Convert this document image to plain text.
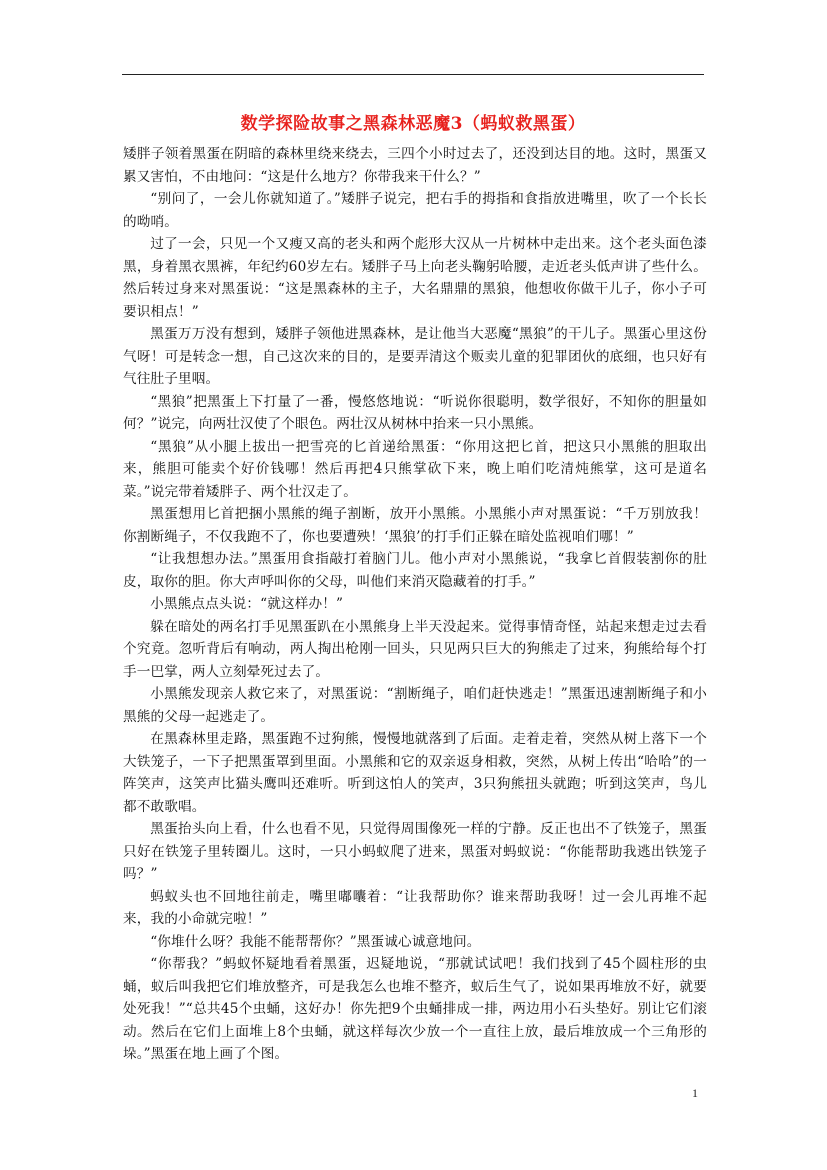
数学探险故事之黑森林恶魔3（蚂蚁救黑蛋）

矮胖子领着黑蛋在阴暗的森林里绕来绕去，三四个小时过去了，还没到达目的地。这时，黑蛋又累又害怕，不由地问：“这是什么地方？你带我来干什么？”

“别问了，一会儿你就知道了。”矮胖子说完，把右手的拇指和食指放进嘴里，吹了一个长长的呦哨。

过了一会，只见一个又瘦又高的老头和两个彪形大汉从一片树林中走出来。这个老头面色漆黑，身着黑衣黑裤，年纪约60岁左右。矮胖子马上向老头鞠躬哈腰，走近老头低声讲了些什么。然后转过身来对黑蛋说：“这是黑森林的主子，大名鼎鼎的黑狼，他想收你做干儿子，你小子可要识相点！”

黑蛋万万没有想到，矮胖子领他进黑森林，是让他当大恶魔“黑狼”的干儿子。黑蛋心里这份气呀！可是转念一想，自己这次来的目的，是要弄清这个贩卖儿童的犯罪团伙的底细，也只好有气往肚子里咽。

“黑狼”把黑蛋上下打量了一番，慢悠悠地说：“听说你很聪明，数学很好，不知你的胆量如何？”说完，向两壮汉使了个眼色。两壮汉从树林中抬来一只小黑熊。

“黑狼”从小腿上拔出一把雪亮的匕首递给黑蛋：“你用这把匕首，把这只小黑熊的胆取出来，熊胆可能卖个好价钱哪！然后再把4只熊掌砍下来，晚上咱们吃清炖熊掌，这可是道名菜。”说完带着矮胖子、两个壮汉走了。

黑蛋想用匕首把捆小黑熊的绳子割断，放开小黑熊。小黑熊小声对黑蛋说：“千万别放我！你割断绳子，不仅我跑不了，你也要遭殃！‘黑狼’的打手们正躲在暗处监视咱们哪！”

“让我想想办法。”黑蛋用食指敲打着脑门儿。他小声对小黑熊说，“我拿匕首假装割你的肚皮，取你的胆。你大声呼叫你的父母，叫他们来消灭隐藏着的打手。”

小黑熊点点头说：“就这样办！”

躲在暗处的两名打手见黑蛋趴在小黑熊身上半天没起来。觉得事情奇怪，站起来想走过去看个究竟。忽听背后有响动，两人掏出枪刚一回头，只见两只巨大的狗熊走了过来，狗熊给每个打手一巴掌，两人立刻晕死过去了。

小黑熊发现亲人救它来了，对黑蛋说：“割断绳子，咱们赶快逃走！”黑蛋迅速割断绳子和小黑熊的父母一起逃走了。

在黑森林里走路，黑蛋跑不过狗熊，慢慢地就落到了后面。走着走着，突然从树上落下一个大铁笼子，一下子把黑蛋罩到里面。小黑熊和它的双亲返身相救，突然，从树上传出“哈哈”的一阵笑声，这笑声比猫头鹰叫还难听。听到这怕人的笑声，3只狗熊扭头就跑；听到这笑声，鸟儿都不敢歌唱。

黑蛋抬头向上看，什么也看不见，只觉得周围像死一样的宁静。反正也出不了铁笼子，黑蛋只好在铁笼子里转圈儿。这时，一只小蚂蚁爬了进来，黑蛋对蚂蚁说：“你能帮助我逃出铁笼子吗？”

蚂蚁头也不回地往前走，嘴里嘟囔着：“让我帮助你？谁来帮助我呀！过一会儿再堆不起来，我的小命就完啦！”

“你堆什么呀？我能不能帮帮你？”黑蛋诚心诚意地问。

“你帮我？”蚂蚁怀疑地看着黑蛋，迟疑地说，“那就试试吧！我们找到了45个圆柱形的虫蛹，蚁后叫我把它们堆放整齐，可是我怎么也堆不整齐，蚁后生气了，说如果再堆放不好，就要处死我！”“总共45个虫蛹，这好办！你先把9个虫蛹排成一排，两边用小石头垫好。别让它们滚动。然后在它们上面堆上8个虫蛹，就这样每次少放一个一直往上放，最后堆放成一个三角形的垛。”黑蛋在地上画了个图。

1
